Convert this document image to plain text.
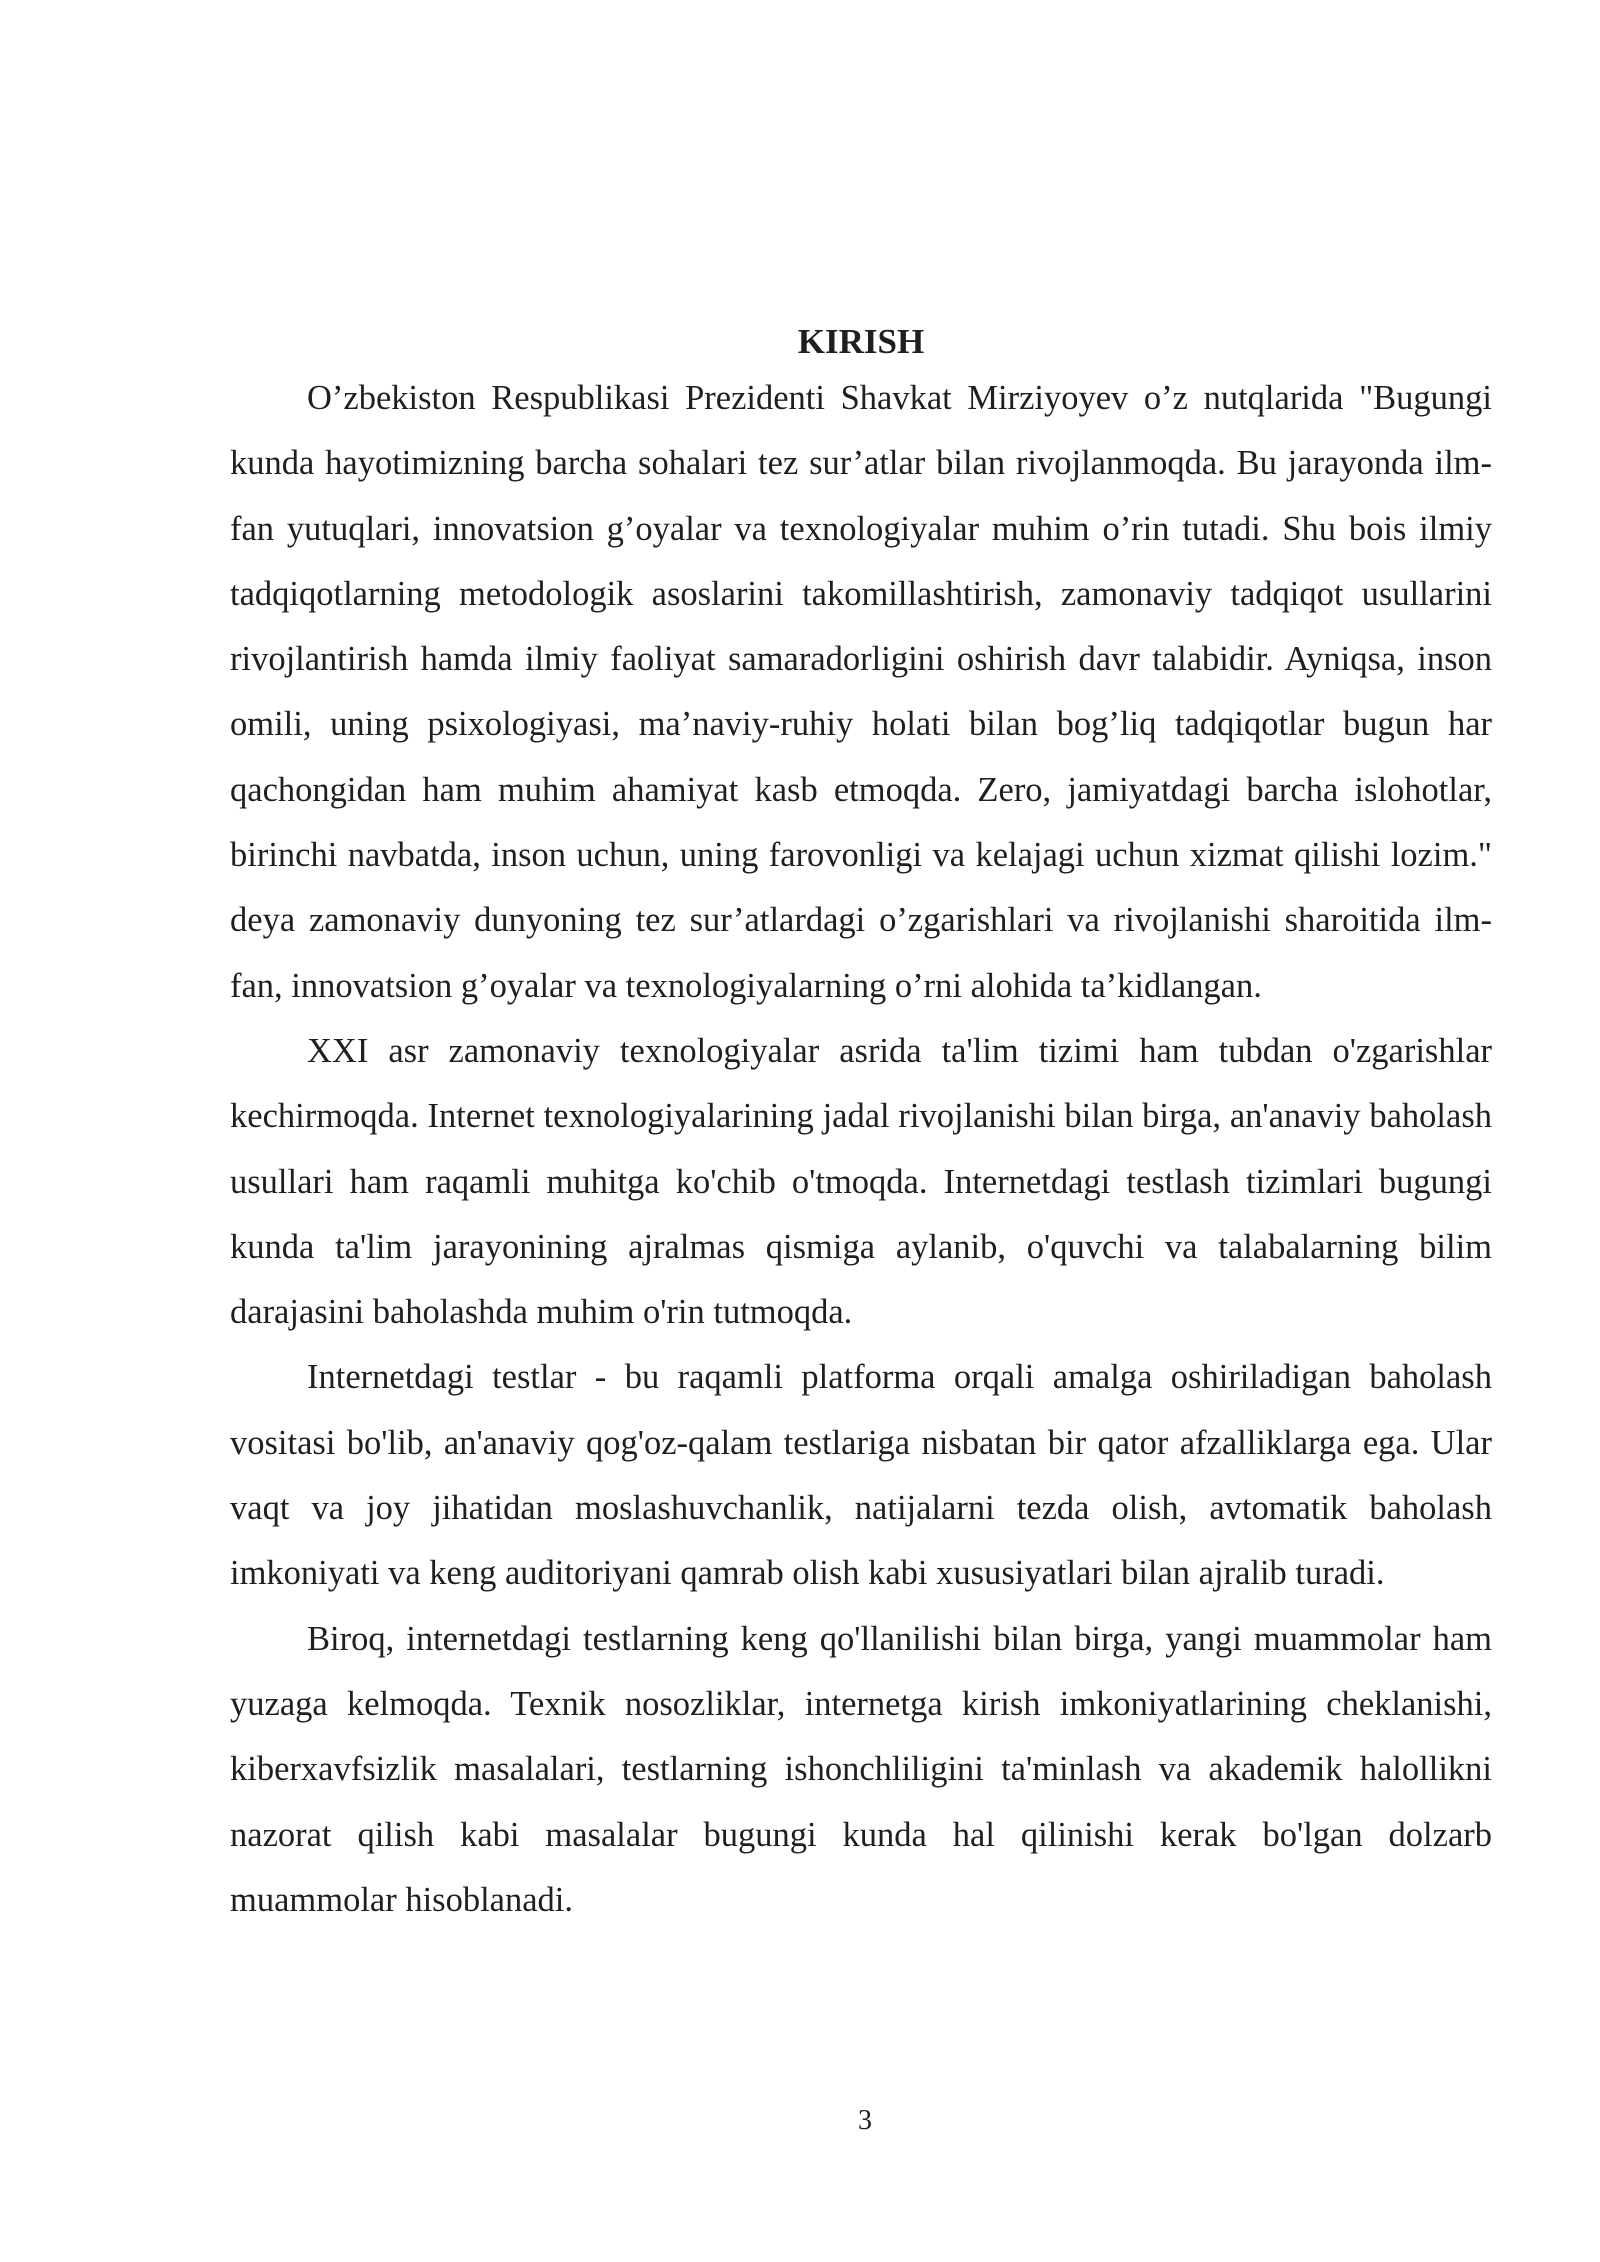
KIRISH

O’zbekiston Respublikasi Prezidenti Shavkat Mirziyoyev o’z nutqlarida "Bugungi kunda hayotimizning barcha sohalari tez sur’atlar bilan rivojlanmoqda. Bu jarayonda ilm-fan yutuqlari, innovatsion g’oyalar va texnologiyalar muhim o’rin tutadi. Shu bois ilmiy tadqiqotlarning metodologik asoslarini takomillashtirish, zamonaviy tadqiqot usullarini rivojlantirish hamda ilmiy faoliyat samaradorligini oshirish davr talabidir. Ayniqsa, inson omili, uning psixologiyasi, ma’naviy-ruhiy holati bilan bog’liq tadqiqotlar bugun har qachongidan ham muhim ahamiyat kasb etmoqda. Zero, jamiyatdagi barcha islohotlar, birinchi navbatda, inson uchun, uning farovonligi va kelajagi uchun xizmat qilishi lozim." deya zamonaviy dunyoning tez sur’atlardagi o’zgarishlari va rivojlanishi sharoitida ilm-fan, innovatsion g’oyalar va texnologiyalarning o’rni alohida ta’kidlangan.

XXI asr zamonaviy texnologiyalar asrida ta'lim tizimi ham tubdan o'zgarishlar kechirmoqda. Internet texnologiyalarining jadal rivojlanishi bilan birga, an'anaviy baholash usullari ham raqamli muhitga ko'chib o'tmoqda. Internetdagi testlash tizimlari bugungi kunda ta'lim jarayonining ajralmas qismiga aylanib, o'quvchi va talabalarning bilim darajasini baholashda muhim o'rin tutmoqda.

Internetdagi testlar - bu raqamli platforma orqali amalga oshiriladigan baholash vositasi bo'lib, an'anaviy qog'oz-qalam testlariga nisbatan bir qator afzalliklarga ega. Ular vaqt va joy jihatidan moslashuvchanlik, natijalarni tezda olish, avtomatik baholash imkoniyati va keng auditoriyani qamrab olish kabi xususiyatlari bilan ajralib turadi.

Biroq, internetdagi testlarning keng qo'llanilishi bilan birga, yangi muammolar ham yuzaga kelmoqda. Texnik nosozliklar, internetga kirish imkoniyatlarining cheklanishi, kiberxavfsizlik masalalari, testlarning ishonchliligini ta'minlash va akademik halollikni nazorat qilish kabi masalalar bugungi kunda hal qilinishi kerak bo'lgan dolzarb muammolar hisoblanadi.

3
